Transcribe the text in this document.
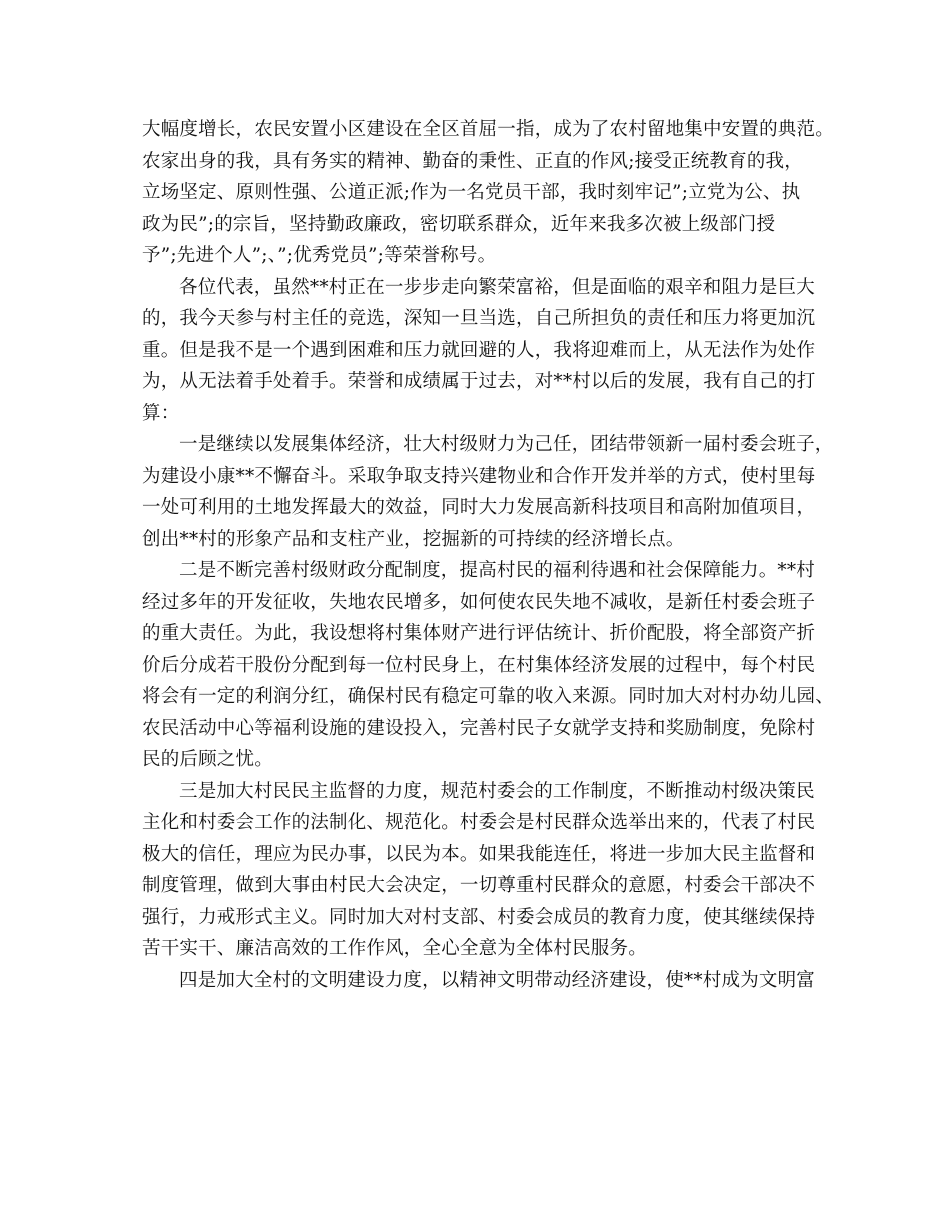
大幅度增长，农民安置小区建设在全区首屈一指，成为了农村留地集中安置的典范。
农家出身的我，具有务实的精神、勤奋的秉性、正直的作风;接受正统教育的我，
立场坚定、原则性强、公道正派;作为一名党员干部，我时刻牢记”;立党为公、执
政为民”;的宗旨，坚持勤政廉政，密切联系群众，近年来我多次被上级部门授
予”;先进个人”;、”;优秀党员”;等荣誉称号。
各位代表，虽然**村正在一步步走向繁荣富裕，但是面临的艰辛和阻力是巨大
的，我今天参与村主任的竞选，深知一旦当选，自己所担负的责任和压力将更加沉
重。但是我不是一个遇到困难和压力就回避的人，我将迎难而上，从无法作为处作
为，从无法着手处着手。荣誉和成绩属于过去，对**村以后的发展，我有自己的打
算：
一是继续以发展集体经济，壮大村级财力为己任，团结带领新一届村委会班子，
为建设小康**不懈奋斗。采取争取支持兴建物业和合作开发并举的方式，使村里每
一处可利用的土地发挥最大的效益，同时大力发展高新科技项目和高附加值项目，
创出**村的形象产品和支柱产业，挖掘新的可持续的经济增长点。
二是不断完善村级财政分配制度，提高村民的福利待遇和社会保障能力。**村
经过多年的开发征收，失地农民增多，如何使农民失地不减收，是新任村委会班子
的重大责任。为此，我设想将村集体财产进行评估统计、折价配股，将全部资产折
价后分成若干股份分配到每一位村民身上，在村集体经济发展的过程中，每个村民
将会有一定的利润分红，确保村民有稳定可靠的收入来源。同时加大对村办幼儿园、
农民活动中心等福利设施的建设投入，完善村民子女就学支持和奖励制度，免除村
民的后顾之忧。
三是加大村民民主监督的力度，规范村委会的工作制度，不断推动村级决策民
主化和村委会工作的法制化、规范化。村委会是村民群众选举出来的，代表了村民
极大的信任，理应为民办事，以民为本。如果我能连任，将进一步加大民主监督和
制度管理，做到大事由村民大会决定，一切尊重村民群众的意愿，村委会干部决不
强行，力戒形式主义。同时加大对村支部、村委会成员的教育力度，使其继续保持
苦干实干、廉洁高效的工作作风，全心全意为全体村民服务。
四是加大全村的文明建设力度，以精神文明带动经济建设，使**村成为文明富
